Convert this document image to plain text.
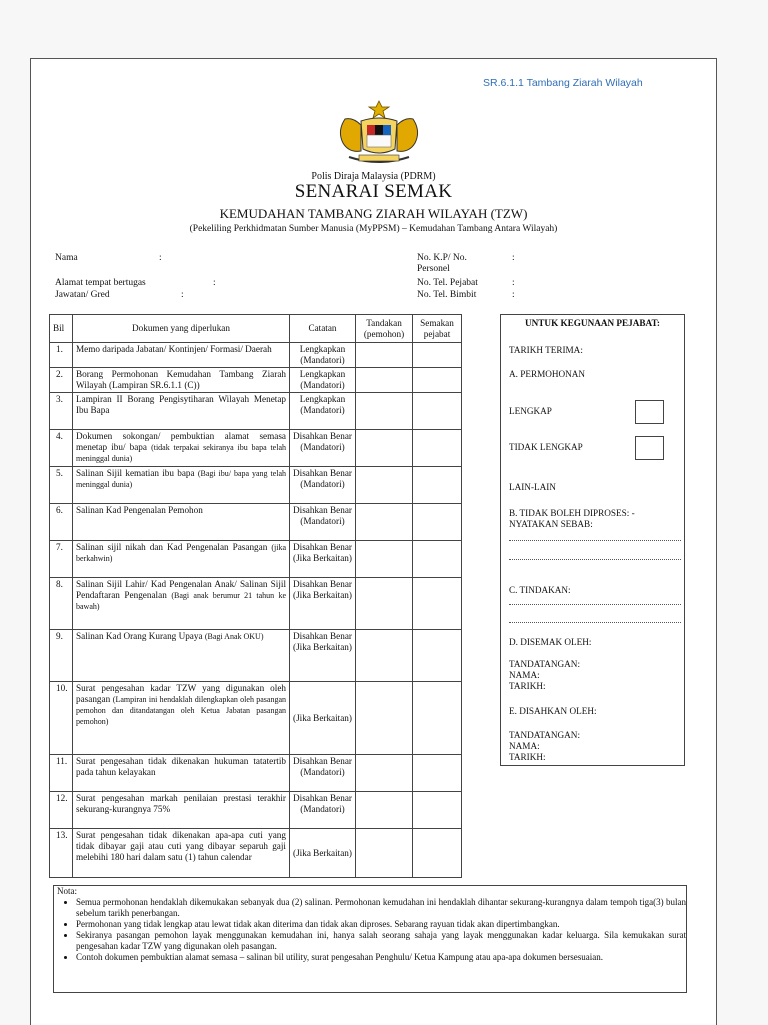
SR.6.1.1 Tambang Ziarah Wilayah
Polis Diraja Malaysia (PDRM)
SENARAI SEMAK
KEMUDAHAN TAMBANG ZIARAH WILAYAH (TZW)
(Pekeliling Perkhidmatan Sumber Manusia (MyPPSM) – Kemudahan Tambang Antara Wilayah)
Nama	:
Alamat tempat bertugas	:
Jawatan/ Gred	:
No. K.P/ No. Personel
:
No. Tel. Pejabat	:
No. Tel. Bimbit	:
Bil	Dokumen yang diperlukan	Catatan	Tandakan (pemohon)	Semakan pejabat
1.	Memo daripada Jabatan/ Kontinjen/ Formasi/ Daerah	Lengkapkan (Mandatori)		
2.	Borang Permohonan Kemudahan Tambang Ziarah Wilayah (Lampiran SR.6.1.1 (C))	Lengkapkan (Mandatori)		
3.	Lampiran II Borang Pengisytiharan Wilayah Menetap Ibu Bapa	Lengkapkan (Mandatori)		
4.	Dokumen sokongan/ pembuktian alamat semasa menetap ibu/ bapa (tidak terpakai sekiranya ibu bapa telah meninggal dunia)	Disahkan Benar (Mandatori)		
5.	Salinan Sijil kematian ibu bapa (Bagi ibu/ bapa yang telah meninggal dunia)	Disahkan Benar (Mandatori)		
6.	Salinan Kad Pengenalan Pemohon	Disahkan Benar (Mandatori)		
7.	Salinan sijil nikah dan Kad Pengenalan Pasangan (jika berkahwin)	Disahkan Benar (Jika Berkaitan)		
8.	Salinan Sijil Lahir/ Kad Pengenalan Anak/ Salinan Sijil Pendaftaran Pengenalan (Bagi anak berumur 21 tahun ke bawah)	Disahkan Benar (Jika Berkaitan)		
9.	Salinan Kad Orang Kurang Upaya (Bagi Anak OKU)	Disahkan Benar (Jika Berkaitan)		
10.	Surat pengesahan kadar TZW yang digunakan oleh pasangan (Lampiran ini hendaklah dilengkapkan oleh pasangan pemohon dan ditandatangan oleh Ketua Jabatan pasangan pemohon)	(Jika Berkaitan)		
11.	Surat pengesahan tidak dikenakan hukuman tatatertib pada tahun kelayakan	Disahkan Benar (Mandatori)		
12.	Surat pengesahan markah penilaian prestasi terakhir sekurang-kurangnya 75%	Disahkan Benar (Mandatori)		
13.	Surat pengesahan tidak dikenakan apa-apa cuti yang tidak dibayar gaji atau cuti yang dibayar separuh gaji melebihi 180 hari dalam satu (1) tahun calendar	(Jika Berkaitan)		
UNTUK KEGUNAAN PEJABAT:
TARIKH TERIMA:
A. PERMOHONAN
LENGKAP
TIDAK LENGKAP
LAIN-LAIN
B. TIDAK BOLEH DIPROSES: - NYATAKAN SEBAB:
C. TINDAKAN:
D. DISEMAK OLEH:
TANDATANGAN:
NAMA:
TARIKH:
E. DISAHKAN OLEH:
TANDATANGAN:
NAMA:
TARIKH:
Nota:
• Semua permohonan hendaklah dikemukakan sebanyak dua (2) salinan. Permohonan kemudahan ini hendaklah dihantar sekurang-kurangnya dalam tempoh tiga(3) bulan sebelum tarikh penerbangan.
• Permohonan yang tidak lengkap atau lewat tidak akan diterima dan tidak akan diproses. Sebarang rayuan tidak akan dipertimbangkan.
• Sekiranya pasangan pemohon layak menggunakan kemudahan ini, hanya salah seorang sahaja yang layak menggunakan kadar keluarga. Sila kemukakan surat pengesahan kadar TZW yang digunakan oleh pasangan.
• Contoh dokumen pembuktian alamat semasa – salinan bil utility, surat pengesahan Penghulu/ Ketua Kampung atau apa-apa dokumen bersesuaian.
